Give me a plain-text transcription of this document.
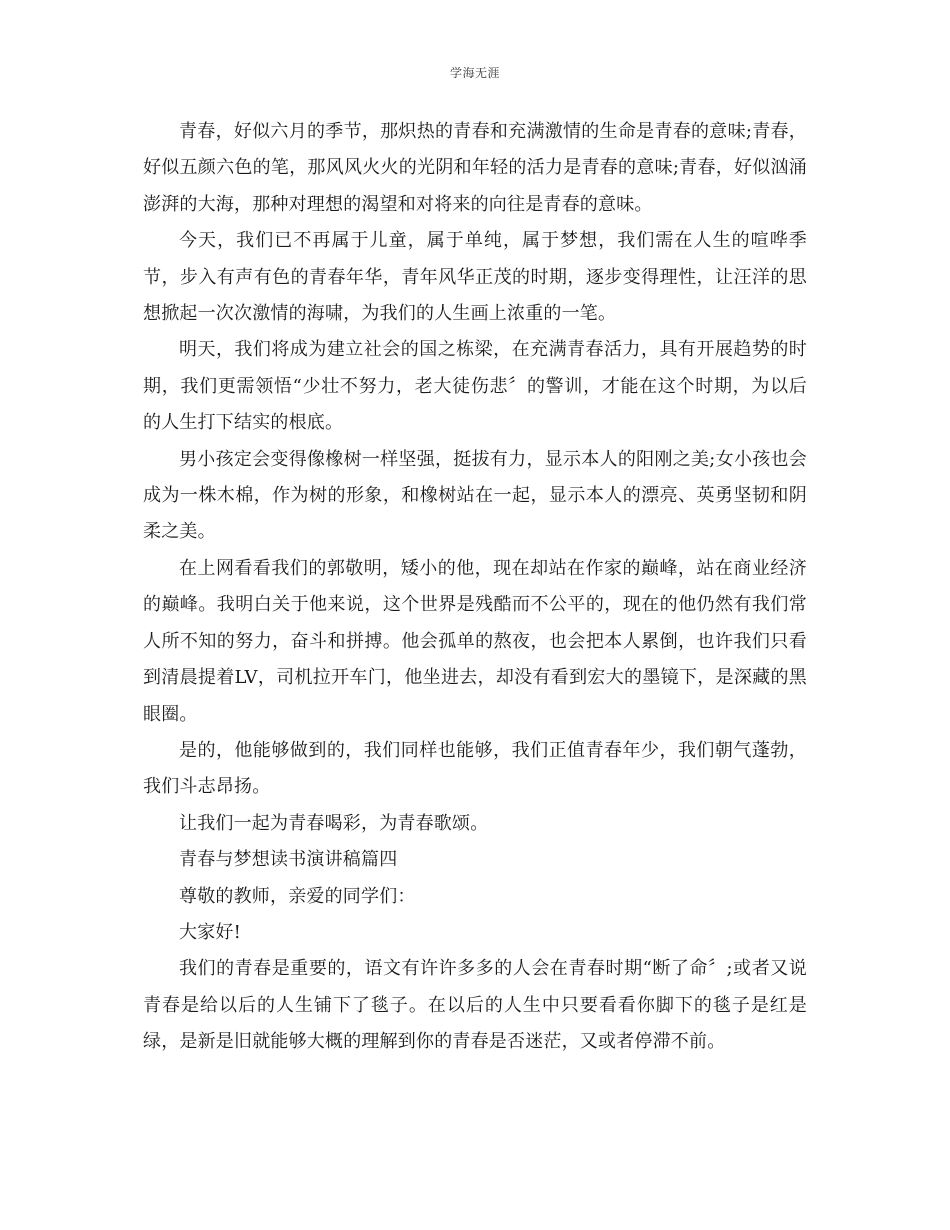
学海无涯

青春，好似六月的季节，那炽热的青春和充满激情的生命是青春的意味;青春，好似五颜六色的笔，那风风火火的光阴和年轻的活力是青春的意味;青春，好似汹涌澎湃的大海，那种对理想的渴望和对将来的向往是青春的意味。

今天，我们已不再属于儿童，属于单纯，属于梦想，我们需在人生的喧哗季节，步入有声有色的青春年华，青年风华正茂的时期，逐步变得理性，让汪洋的思想掀起一次次激情的海啸，为我们的人生画上浓重的一笔。

明天，我们将成为建立社会的国之栋梁，在充满青春活力，具有开展趋势的时期，我们更需领悟“少壮不努力，老大徒伤悲〞的警训，才能在这个时期，为以后的人生打下结实的根底。

男小孩定会变得像橡树一样坚强，挺拔有力，显示本人的阳刚之美;女小孩也会成为一株木棉，作为树的形象，和橡树站在一起，显示本人的漂亮、英勇坚韧和阴柔之美。

在上网看看我们的郭敬明，矮小的他，现在却站在作家的巅峰，站在商业经济的巅峰。我明白关于他来说，这个世界是残酷而不公平的，现在的他仍然有我们常人所不知的努力，奋斗和拼搏。他会孤单的熬夜，也会把本人累倒，也许我们只看到清晨提着LV，司机拉开车门，他坐进去，却没有看到宏大的墨镜下，是深藏的黑眼圈。

是的，他能够做到的，我们同样也能够，我们正值青春年少，我们朝气蓬勃，我们斗志昂扬。

让我们一起为青春喝彩，为青春歌颂。

青春与梦想读书演讲稿篇四

尊敬的教师，亲爱的同学们：

大家好!

我们的青春是重要的，语文有许许多多的人会在青春时期“断了命〞;或者又说青春是给以后的人生铺下了毯子。在以后的人生中只要看看你脚下的毯子是红是绿，是新是旧就能够大概的理解到你的青春是否迷茫，又或者停滞不前。
